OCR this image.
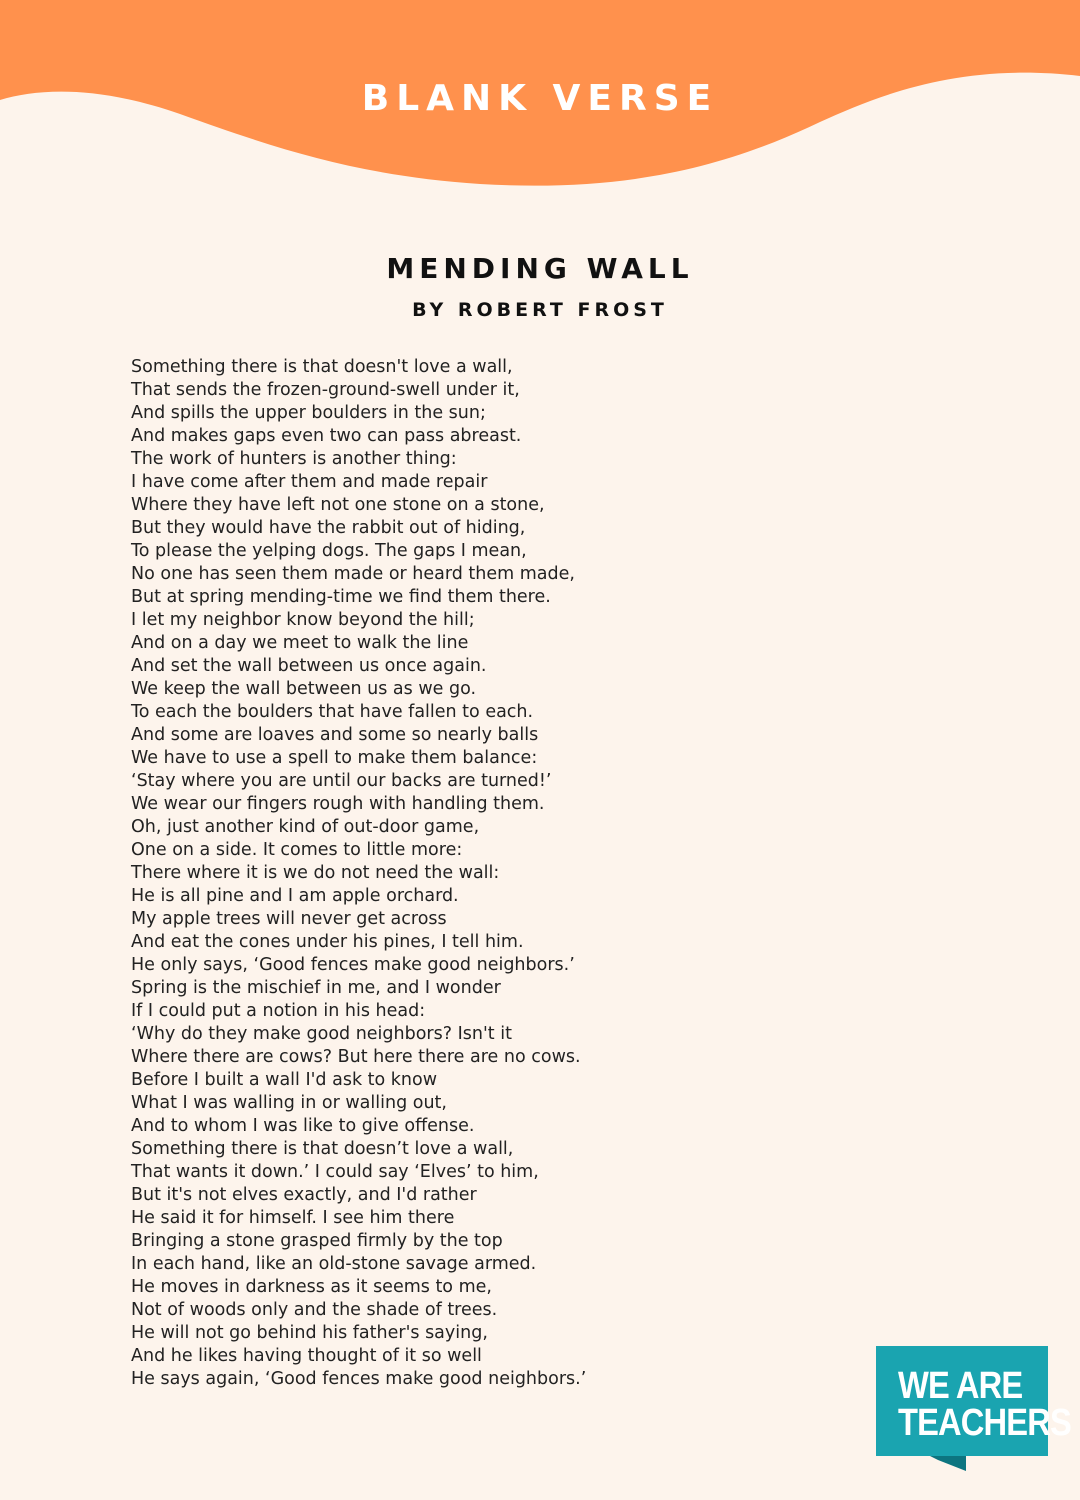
BLANK VERSE
MENDING WALL
BY ROBERT FROST
Something there is that doesn't love a wall,
That sends the frozen-ground-swell under it,
And spills the upper boulders in the sun;
And makes gaps even two can pass abreast.
The work of hunters is another thing:
I have come after them and made repair
Where they have left not one stone on a stone,
But they would have the rabbit out of hiding,
To please the yelping dogs. The gaps I mean,
No one has seen them made or heard them made,
But at spring mending-time we find them there.
I let my neighbor know beyond the hill;
And on a day we meet to walk the line
And set the wall between us once again.
We keep the wall between us as we go.
To each the boulders that have fallen to each.
And some are loaves and some so nearly balls
We have to use a spell to make them balance:
‘Stay where you are until our backs are turned!’
We wear our fingers rough with handling them.
Oh, just another kind of out-door game,
One on a side. It comes to little more:
There where it is we do not need the wall:
He is all pine and I am apple orchard.
My apple trees will never get across
And eat the cones under his pines, I tell him.
He only says, ‘Good fences make good neighbors.’
Spring is the mischief in me, and I wonder
If I could put a notion in his head:
‘Why do they make good neighbors? Isn't it
Where there are cows? But here there are no cows.
Before I built a wall I'd ask to know
What I was walling in or walling out,
And to whom I was like to give offense.
Something there is that doesn’t love a wall,
That wants it down.’ I could say ‘Elves’ to him,
But it's not elves exactly, and I'd rather
He said it for himself. I see him there
Bringing a stone grasped firmly by the top
In each hand, like an old-stone savage armed.
He moves in darkness as it seems to me,
Not of woods only and the shade of trees.
He will not go behind his father's saying,
And he likes having thought of it so well
He says again, ‘Good fences make good neighbors.’	WE ARE
TEACHERS
